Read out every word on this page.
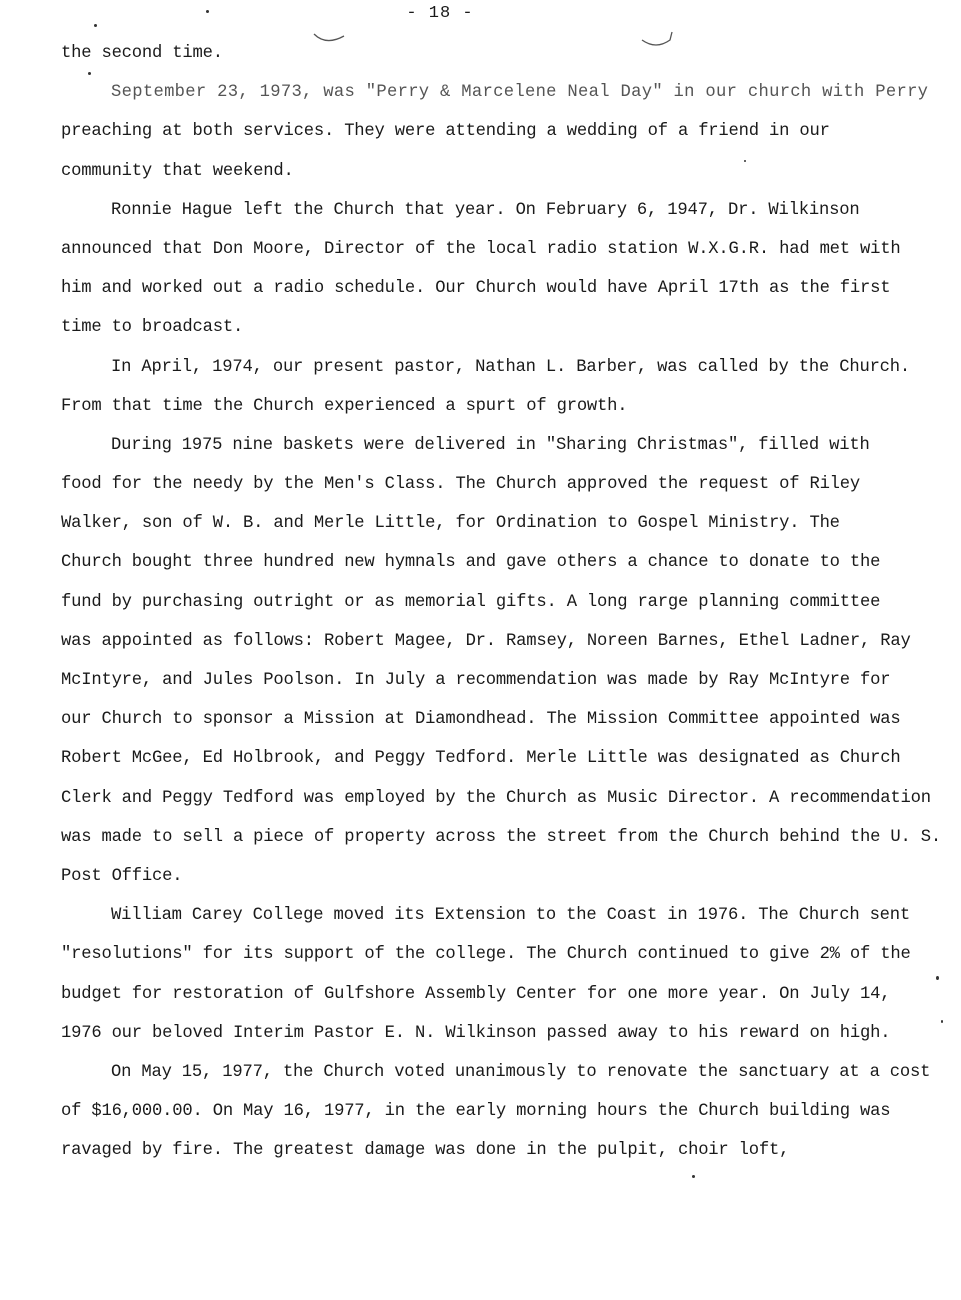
- 18 -
the second time.
September 23, 1973, was "Perry & Marcelene Neal Day" in our church with Perry
preaching at both services. They were attending a wedding of a friend in our
community that weekend.
Ronnie Hague left the Church that year. On February 6, 1947, Dr. Wilkinson
announced that Don Moore, Director of the local radio station W.X.G.R. had met with
him and worked out a radio schedule. Our Church would have April 17th as the first
time to broadcast.
In April, 1974, our present pastor, Nathan L. Barber, was called by the Church.
From that time the Church experienced a spurt of growth.
During 1975 nine baskets were delivered in "Sharing Christmas", filled with
food for the needy by the Men's Class. The Church approved the request of Riley
Walker, son of W. B. and Merle Little, for Ordination to Gospel Ministry. The
Church bought three hundred new hymnals and gave others a chance to donate to the
fund by purchasing outright or as memorial gifts. A long rarge planning committee
was appointed as follows: Robert Magee, Dr. Ramsey, Noreen Barnes, Ethel Ladner, Ray
McIntyre, and Jules Poolson. In July a recommendation was made by Ray McIntyre for
our Church to sponsor a Mission at Diamondhead. The Mission Committee appointed was
Robert McGee, Ed Holbrook, and Peggy Tedford. Merle Little was designated as Church
Clerk and Peggy Tedford was employed by the Church as Music Director. A recommendation
was made to sell a piece of property across the street from the Church behind the U. S.
Post Office.
William Carey College moved its Extension to the Coast in 1976. The Church sent
"resolutions" for its support of the college. The Church continued to give 2% of the
budget for restoration of Gulfshore Assembly Center for one more year. On July 14,
1976 our beloved Interim Pastor E. N. Wilkinson passed away to his reward on high.
On May 15, 1977, the Church voted unanimously to renovate the sanctuary at a cost
of $16,000.00. On May 16, 1977, in the early morning hours the Church building was
ravaged by fire. The greatest damage was done in the pulpit, choir loft,
